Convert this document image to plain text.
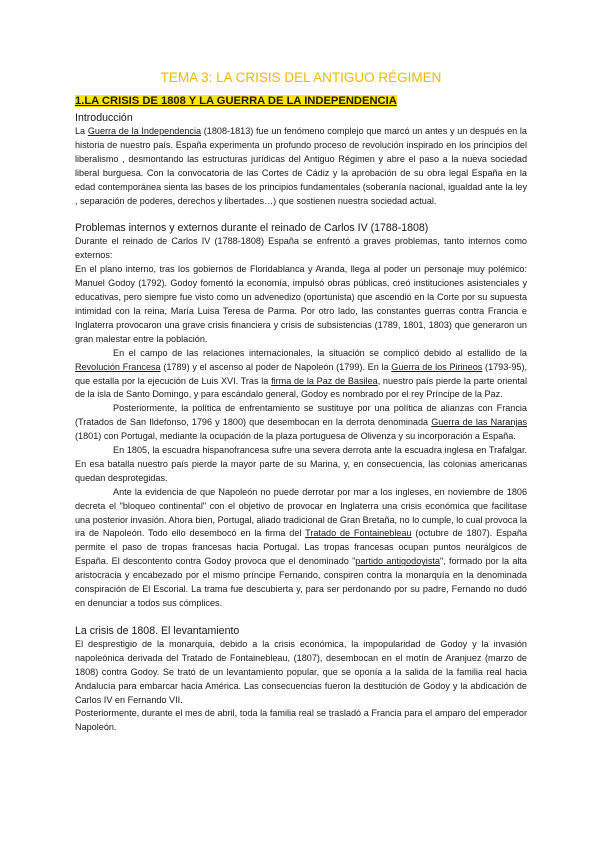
TEMA 3: LA CRISIS DEL ANTIGUO RÉGIMEN
1.LA CRISIS DE 1808 Y LA GUERRA DE LA INDEPENDENCIA
Introducción

La Guerra de la Independencia (1808-1813) fue un fenómeno complejo que marcó un antes y un después en la historia de nuestro país. España experimenta un profundo proceso de revolución inspirado en los principios del liberalismo , desmontando las estructuras jurídicas del Antiguo Régimen y abre el paso a la nueva sociedad liberal burguesa. Con la convocatoria de las Cortes de Cádiz y la aprobación de su obra legal España en la edad contemporánea sienta las bases de los principios fundamentales (soberanía nacional, igualdad ante la ley , separación de poderes, derechos y libertades…) que sostienen nuestra sociedad actual.

Problemas internos y externos durante el reinado de Carlos IV (1788-1808)

Durante el reinado de Carlos IV (1788-1808) España se enfrentó a graves problemas, tanto internos como externos:

En el plano interno, tras los gobiernos de Floridablanca y Aranda, llega al poder un personaje muy polémico: Manuel Godoy (1792). Godoy fomentó la economía, impulsó obras públicas, creó instituciones asistenciales y educativas, pero siempre fue visto como un advenedizo (oportunista) que ascendió en la Corte por su supuesta intimidad con la reina, María Luisa Teresa de Parma. Por otro lado, las constantes guerras contra Francia e Inglaterra provocaron una grave crisis financiera y crisis de subsistencias (1789, 1801, 1803) que generaron un gran malestar entre la población.

En el campo de las relaciones internacionales, la situación se complicó debido al estallido de la Revolución Francesa (1789) y el ascenso al poder de Napoleón (1799). En la Guerra de los Pirineos (1793-95), que estalla por la ejecución de Luis XVI. Tras la firma de la Paz de Basilea, nuestro país pierde la parte oriental de la isla de Santo Domingo, y para escándalo general, Godoy es nombrado por el rey Príncipe de la Paz.

Posteriormente, la política de enfrentamiento se sustituye por una política de alianzas con Francia (Tratados de San Ildefonso, 1796 y 1800) que desembocan en la derrota denominada Guerra de las Naranjas (1801) con Portugal, mediante la ocupación de la plaza portuguesa de Olivenza y su incorporación a España.

En 1805, la escuadra hispanofrancesa sufre una severa derrota ante la escuadra inglesa en Trafalgar. En esa batalla nuestro país pierde la mayor parte de su Marina, y, en consecuencia, las colonias americanas quedan desprotegidas.

Ante la evidencia de que Napoleón no puede derrotar por mar a los ingleses, en noviembre de 1806 decreta el "bloqueo continental" con el objetivo de provocar en Inglaterra una crisis económica que facilitase una posterior invasión. Ahora bien, Portugal, aliado tradicional de Gran Bretaña, no lo cumple, lo cual provoca la ira de Napoleón. Todo ello desembocó en la firma del Tratado de Fontainebleau (octubre de 1807). España permite el paso de tropas francesas hacia Portugal. Las tropas francesas ocupan puntos neurálgicos de España. El descontento contra Godoy provoca que el denominado "partido antigodoyista", formado por la alta aristocracia y encabezado por el mismo príncipe Fernando, conspiren contra la monarquía en la denominada conspiración de El Escorial. La trama fue descubierta y, para ser perdonando por su padre, Fernando no dudó en denunciar a todos sus cómplices.

La crisis de 1808. El levantamiento

El desprestigio de la monarquía, debido a la crisis económica, la impopularidad de Godoy y la invasión napoleónica derivada del Tratado de Fontainebleau, (1807), desembocan en el motín de Aranjuez (marzo de 1808) contra Godoy. Se trató de un levantamiento popular, que se oponía a la salida de la familia real hacia Andalucía para embarcar hacia América. Las consecuencias fueron la destitución de Godoy y la abdicación de Carlos IV en Fernando VII.

Posteriormente, durante el mes de abril, toda la familia real se trasladó a Francia para el amparo del emperador Napoleón.
